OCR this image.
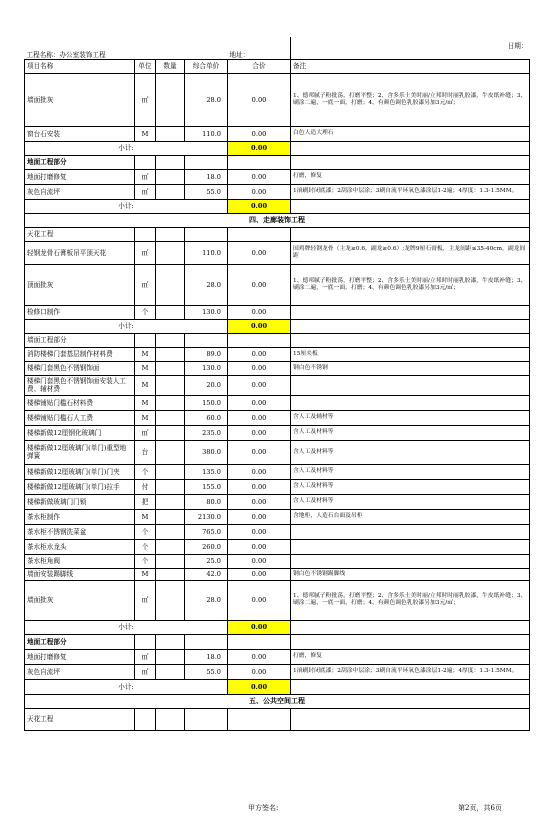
工程名称：办公室装饰工程				地址：	日期：
项目名称	单位	数量	综合单价	合价	备注
墙面批灰	㎡		28.0	0.00	1、德邦腻子粉批荡，打磨平整；2、含多乐士美时丽/立邦时时丽乳胶漆，牛皮纸补缝；3、刷涂二遍，一底一面，打磨；4、有颜色调色乳胶漆另加3元/㎡；
窗台石安装	M		110.0	0.00	白色人造大理石
小计:				0.00	
地面工程部分					
地面打磨修复	㎡		18.0	0.00	打磨，修复
灰色自流坪	㎡		55.0	0.00	1滚刷封闭底漆；2刮涂中层涂；3刷自流平环氧色漆涂层1-2遍；4厚度：1.3-1.5MM。
小计:				0.00	
四、走廊装饰工程					
天花工程					
轻钢龙骨石膏板吊平顶天花	㎡		110.0	0.00	国鸡牌轻钢龙骨（主龙≥0.6，副龙≥0.6）;龙牌9厘石膏板，主龙间距≤35-40cm，副龙间距
顶面批灰	㎡		28.0	0.00	1、德邦腻子粉批荡，打磨平整；2、含多乐士美时丽/立邦时时丽乳胶漆，牛皮纸补缝；3、刷涂二遍，一底一面，打磨；4、有颜色调色乳胶漆另加3元/㎡；
检修口制作	个		130.0	0.00	
小计:				0.00	
墙面工程部分					
消防楼梯门套基层制作材料费	M		89.0	0.00	15厘夹板
楼梯门套黑色不锈钢饰面	M		130.0	0.00	钢白色不锈钢
楼梯门套黑色不锈钢饰面安装人工费、辅材费	M		20.0	0.00	
楼梯铺贴门槛石材料费	M		150.0	0.00	
楼梯铺贴门槛石人工费	M		60.0	0.00	含人工及辅材等
楼梯新做12厘钢化玻璃门	㎡		235.0	0.00	含人工及材料等
楼梯新做12厘玻璃门(单门)重型地弹簧	台		380.0	0.00	含人工及材料等
楼梯新做12厘玻璃门(单门)门夹	个		135.0	0.00	含人工及材料等
楼梯新做12厘玻璃门(单门)拉手	付		155.0	0.00	含人工及材料等
楼梯新做玻璃门门锁	把		80.0	0.00	含人工及材料等
茶水柜制作	M		2130.0	0.00	含地柜，人造石台面及吊柜
茶水柜不锈钢洗菜盆	个		765.0	0.00	
茶水柜水龙头	个		260.0	0.00	
茶水柜角阀	个		25.0	0.00	
墙面安装踢脚线	M		42.0	0.00	钢白色不锈钢踢脚线
墙面批灰	㎡		28.0	0.00	1、德邦腻子粉批荡，打磨平整；2、含多乐士美时丽/立邦时时丽乳胶漆，牛皮纸补缝；3、刷涂二遍，一底一面，打磨；4、有颜色调色乳胶漆另加3元/㎡；
小计:				0.00	
地面工程部分					
地面打磨修复	㎡		18.0	0.00	打磨，修复
灰色自流坪	㎡		55.0	0.00	1滚刷封闭底漆；2刮涂中层涂；3刷自流平环氧色漆涂层1-2遍；4厚度：1.3-1.5MM。
小计:				0.00	
五、公共空间工程					
天花工程					
甲方签名:	第2页，共6页
